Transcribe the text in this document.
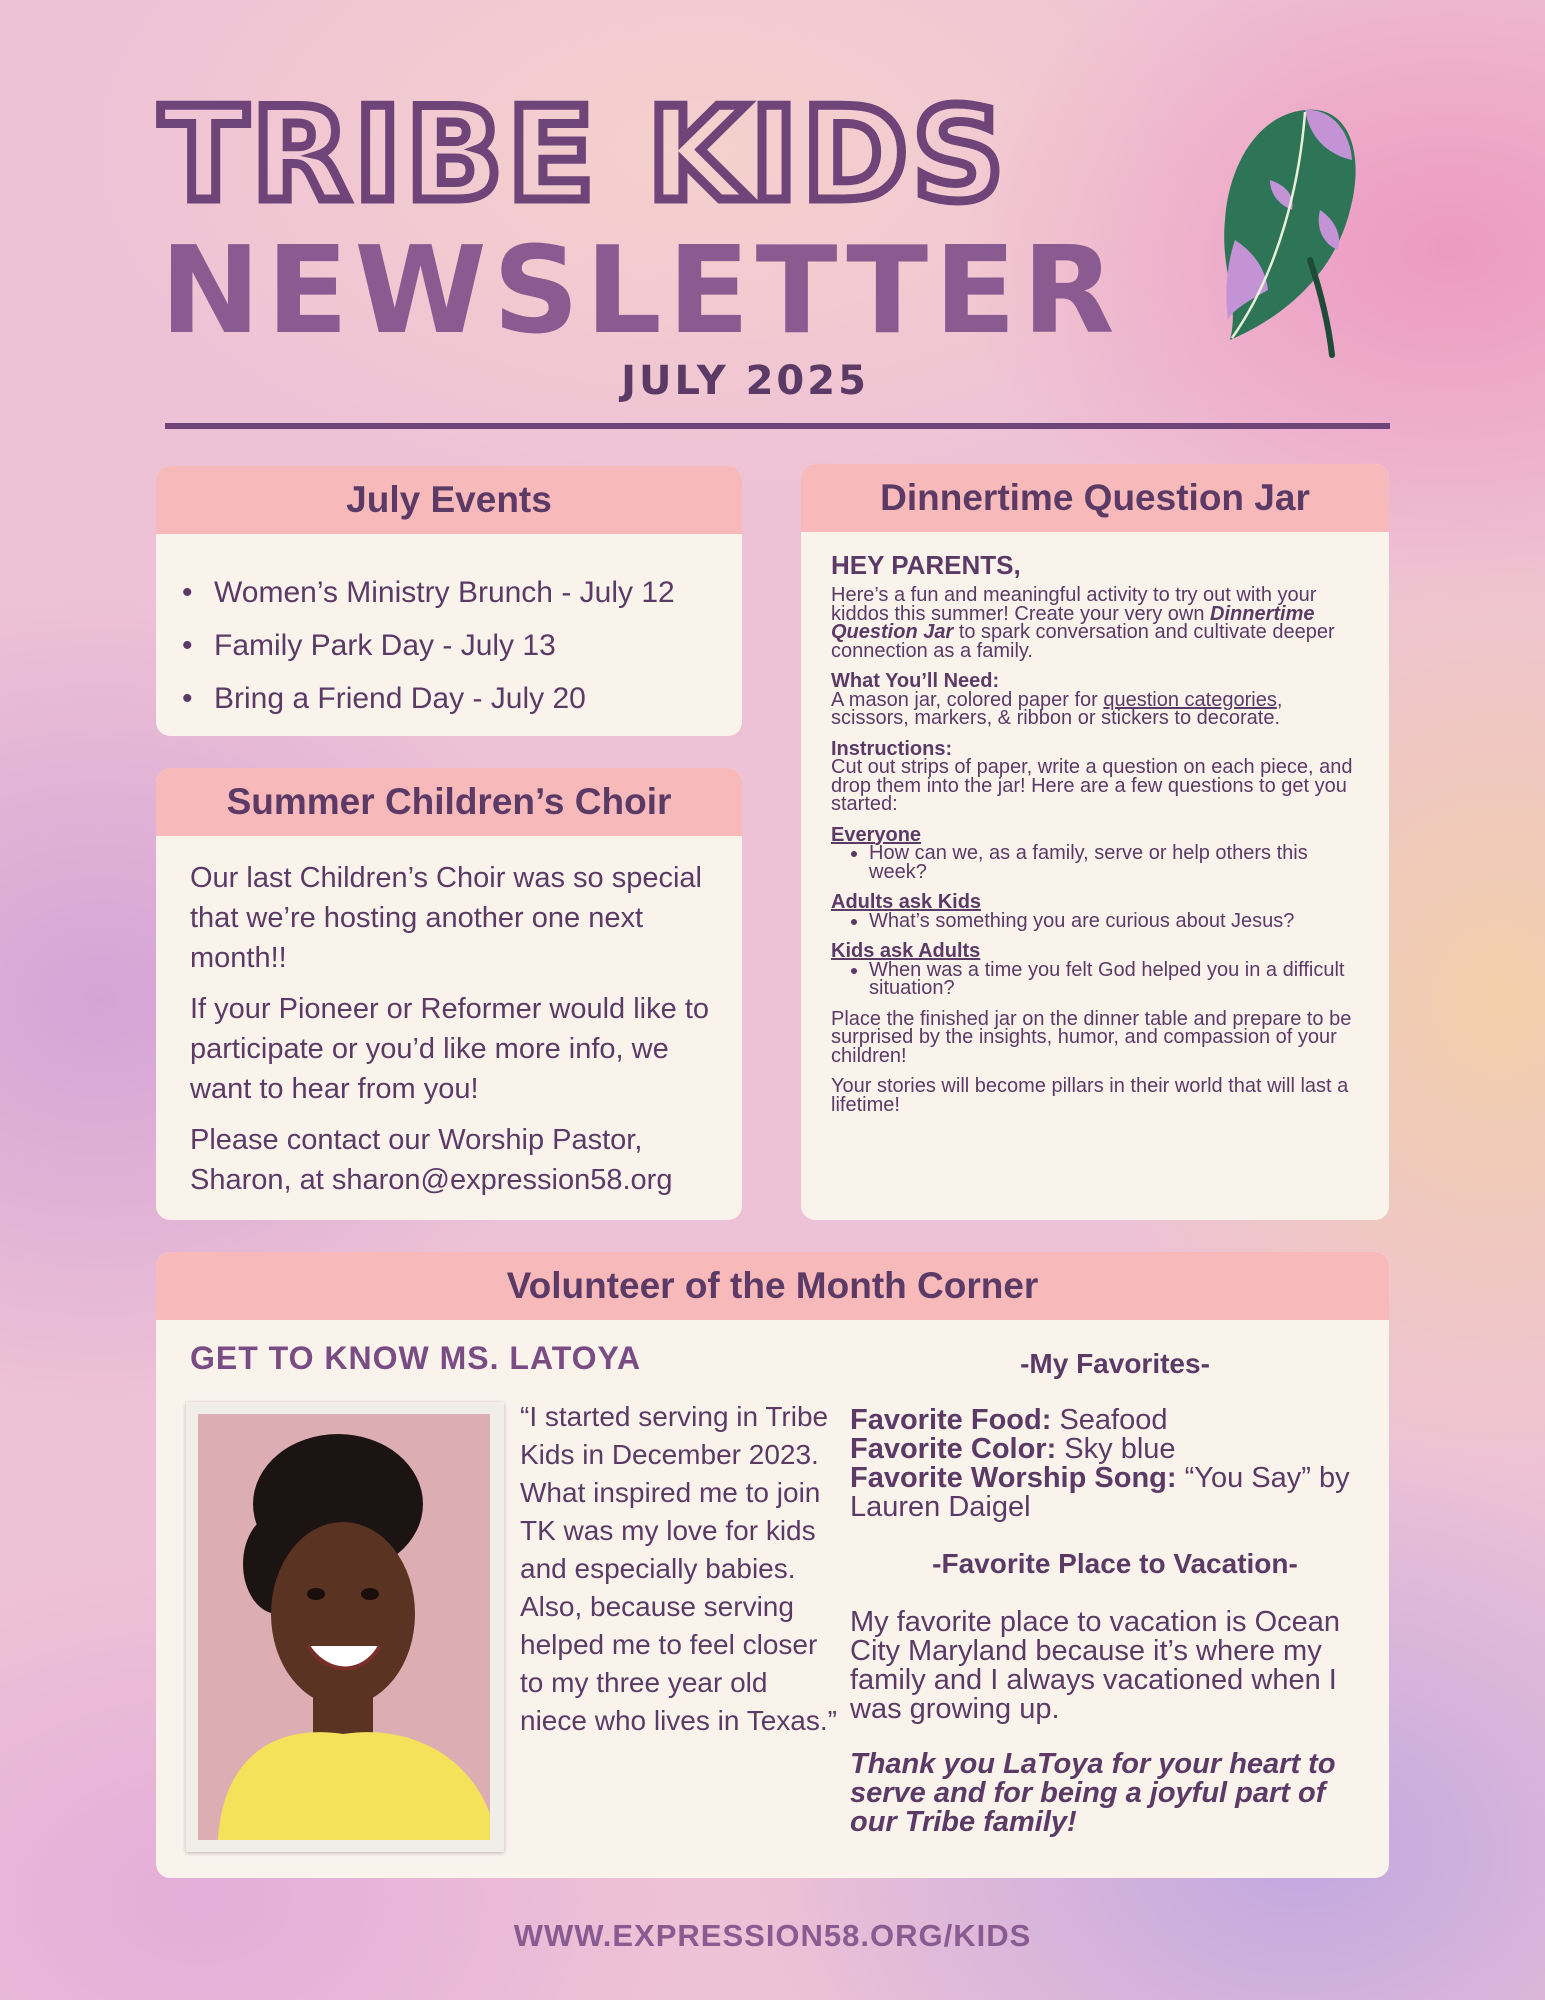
TRIBE KIDS
NEWSLETTER
JULY 2025
July Events
• Women’s Ministry Brunch - July 12
• Family Park Day - July 13
• Bring a Friend Day - July 20
Summer Children’s Choir

Our last Children’s Choir was so special that we’re hosting another one next month!!

If your Pioneer or Reformer would like to participate or you’d like more info, we want to hear from you!

Please contact our Worship Pastor, Sharon, at sharon@expression58.org

Dinnertime Question Jar
HEY PARENTS,

Here’s a fun and meaningful activity to try out with your kiddos this summer! Create your very own Dinnertime Question Jar to spark conversation and cultivate deeper connection as a family.

What You’ll Need:
A mason jar, colored paper for question categories, scissors, markers, & ribbon or stickers to decorate.

Instructions:
Cut out strips of paper, write a question on each piece, and drop them into the jar! Here are a few questions to get you started:

Everyone
• How can we, as a family, serve or help others this week?
Adults ask Kids
• What’s something you are curious about Jesus?
Kids ask Adults
• When was a time you felt God helped you in a difficult situation?

Place the finished jar on the dinner table and prepare to be surprised by the insights, humor, and compassion of your children!

Your stories will become pillars in their world that will last a lifetime!

Volunteer of the Month Corner
GET TO KNOW MS. LATOYA
“I started serving in Tribe Kids in December 2023. What inspired me to join TK was my love for kids and especially babies. Also, because serving helped me to feel closer to my three year old niece who lives in Texas.”
-My Favorites-
Favorite Food: Seafood
Favorite Color: Sky blue
Favorite Worship Song: “You Say” by Lauren Daigel
-Favorite Place to Vacation-
My favorite place to vacation is Ocean City Maryland because it’s where my family and I always vacationed when I was growing up.
Thank you LaToya for your heart to serve and for being a joyful part of our Tribe family!
WWW.EXPRESSION58.ORG/KIDS
